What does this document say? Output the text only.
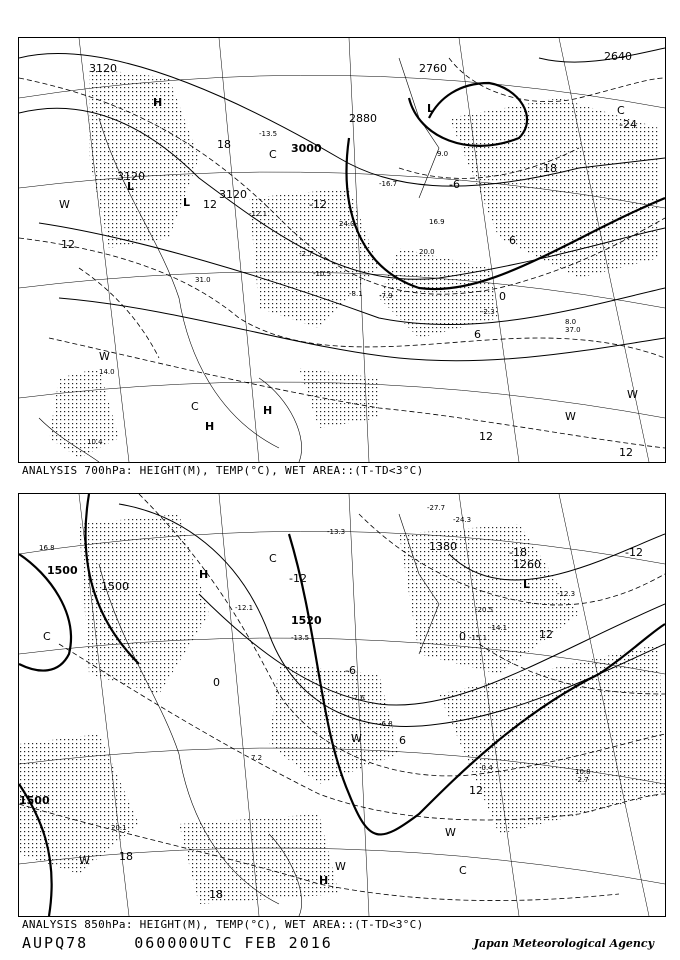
3120
3120
3120
3000
2880
2760
2640
12
12
12
18
-24
-18
6
0
6
-12
-6
12
H
L
L
L
H
H
C
C
C
W
W
W
W
-13.5
-12.1
-10.5
24.0
-16.7
9.0
20.0
31.0
-2.3
8.0
37.0
10.4
14.0
-8.1
-2.7
-7.9
16.9
ANALYSIS 700hPa: HEIGHT(M), TEMP(°C), WET AREA::(T-TD<3°C)
1500
1500
1520
1500
1380
1260
-12
-12
-6
-18
0
6
12
12
18
18
0
H
L
H
C
C
W	W
W
W
C
-12.1
-13.5
-20.5
-15.1
-14.1
-12.3
-7.6
10.8
-2.7
-0.4
16.8
20.1
-13.3
-27.7
-24.3
-6.8
7.2
ANALYSIS 850hPa: HEIGHT(M), TEMP(°C), WET AREA::(T-TD<3°C)
AUPQ78	060000UTC FEB 2016	Japan Meteorological Agency
